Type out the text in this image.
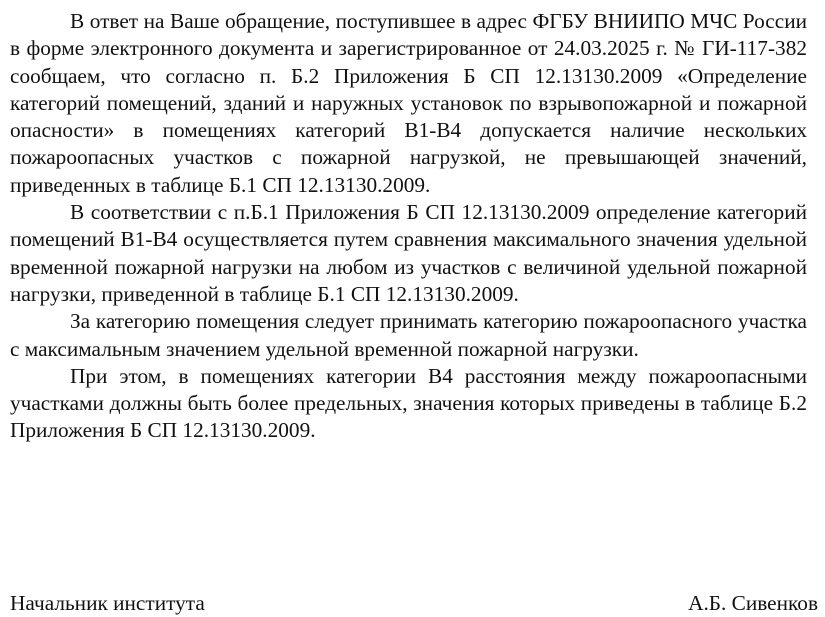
В ответ на Ваше обращение, поступившее в адрес ФГБУ ВНИИПО МЧС России в форме электронного документа и зарегистрированное от 24.03.2025 г. № ГИ-117-382 сообщаем, что согласно п. Б.2 Приложения Б СП 12.13130.2009 «Определение категорий помещений, зданий и наружных установок по взрывопожарной и пожарной опасности» в помещениях категорий В1-В4 допускается наличие нескольких пожароопасных участков с пожарной нагрузкой, не превышающей значений, приведенных в таблице Б.1 СП 12.13130.2009.

В соответствии с п.Б.1 Приложения Б СП 12.13130.2009 определение категорий помещений В1-В4 осуществляется путем сравнения максимального значения удельной временной пожарной нагрузки на любом из участков с величиной удельной пожарной нагрузки, приведенной в таблице Б.1 СП 12.13130.2009.

За категорию помещения следует принимать категорию пожароопасного участка с максимальным значением удельной временной пожарной нагрузки.

При этом, в помещениях категории В4 расстояния между пожароопасными участками должны быть более предельных, значения которых приведены в таблице Б.2 Приложения Б СП 12.13130.2009.

Начальник института	А.Б. Сивенков
